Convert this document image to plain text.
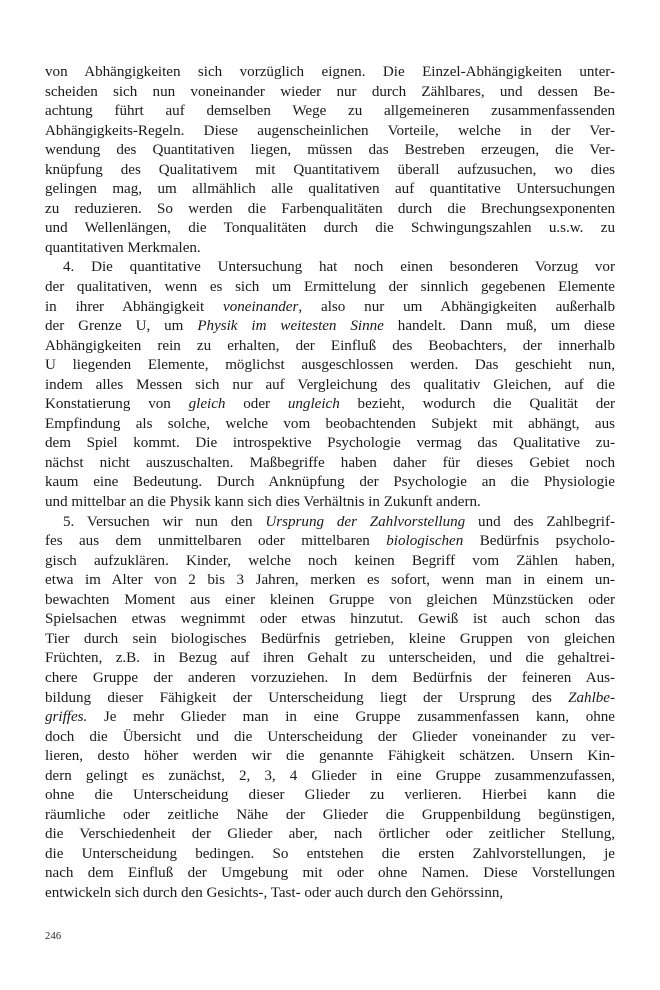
von Abhängigkeiten sich vorzüglich eignen. Die Einzel-Abhängigkeiten unter-
scheiden sich nun voneinander wieder nur durch Zählbares, und dessen Be-
achtung führt auf demselben Wege zu allgemeineren zusammenfassenden
Abhängigkeits-Regeln. Diese augenscheinlichen Vorteile, welche in der Ver-
wendung des Quantitativen liegen, müssen das Bestreben erzeugen, die Ver-
knüpfung des Qualitativem mit Quantitativem überall aufzusuchen, wo dies
gelingen mag, um allmählich alle qualitativen auf quantitative Untersuchungen
zu reduzieren. So werden die Farbenqualitäten durch die Brechungsexponenten
und Wellenlängen, die Tonqualitäten durch die Schwingungszahlen u.s.w. zu
quantitativen Merkmalen.

4. Die quantitative Untersuchung hat noch einen besonderen Vorzug vor
der qualitativen, wenn es sich um Ermittelung der sinnlich gegebenen Elemente
in ihrer Abhängigkeit voneinander, also nur um Abhängigkeiten außerhalb
der Grenze U, um Physik im weitesten Sinne handelt. Dann muß, um diese
Abhängigkeiten rein zu erhalten, der Einfluß des Beobachters, der innerhalb
U liegenden Elemente, möglichst ausgeschlossen werden. Das geschieht nun,
indem alles Messen sich nur auf Vergleichung des qualitativ Gleichen, auf die
Konstatierung von gleich oder ungleich bezieht, wodurch die Qualität der
Empfindung als solche, welche vom beobachtenden Subjekt mit abhängt, aus
dem Spiel kommt. Die introspektive Psychologie vermag das Qualitative zu-
nächst nicht auszuschalten. Maßbegriffe haben daher für dieses Gebiet noch
kaum eine Bedeutung. Durch Anknüpfung der Psychologie an die Physiologie
und mittelbar an die Physik kann sich dies Verhältnis in Zukunft andern.

5. Versuchen wir nun den Ursprung der Zahlvorstellung und des Zahlbegrif-
fes aus dem unmittelbaren oder mittelbaren biologischen Bedürfnis psycholo-
gisch aufzuklären. Kinder, welche noch keinen Begriff vom Zählen haben,
etwa im Alter von 2 bis 3 Jahren, merken es sofort, wenn man in einem un-
bewachten Moment aus einer kleinen Gruppe von gleichen Münzstücken oder
Spielsachen etwas wegnimmt oder etwas hinzutut. Gewiß ist auch schon das
Tier durch sein biologisches Bedürfnis getrieben, kleine Gruppen von gleichen
Früchten, z.B. in Bezug auf ihren Gehalt zu unterscheiden, und die gehaltrei-
chere Gruppe der anderen vorzuziehen. In dem Bedürfnis der feineren Aus-
bildung dieser Fähigkeit der Unterscheidung liegt der Ursprung des Zahlbe-
griffes. Je mehr Glieder man in eine Gruppe zusammenfassen kann, ohne
doch die Übersicht und die Unterscheidung der Glieder voneinander zu ver-
lieren, desto höher werden wir die genannte Fähigkeit schätzen. Unsern Kin-
dern gelingt es zunächst, 2, 3, 4 Glieder in eine Gruppe zusammenzufassen,
ohne die Unterscheidung dieser Glieder zu verlieren. Hierbei kann die
räumliche oder zeitliche Nähe der Glieder die Gruppenbildung begünstigen,
die Verschiedenheit der Glieder aber, nach örtlicher oder zeitlicher Stellung,
die Unterscheidung bedingen. So entstehen die ersten Zahlvorstellungen, je
nach dem Einfluß der Umgebung mit oder ohne Namen. Diese Vorstellungen
entwickeln sich durch den Gesichts-, Tast- oder auch durch den Gehörssinn,

246
